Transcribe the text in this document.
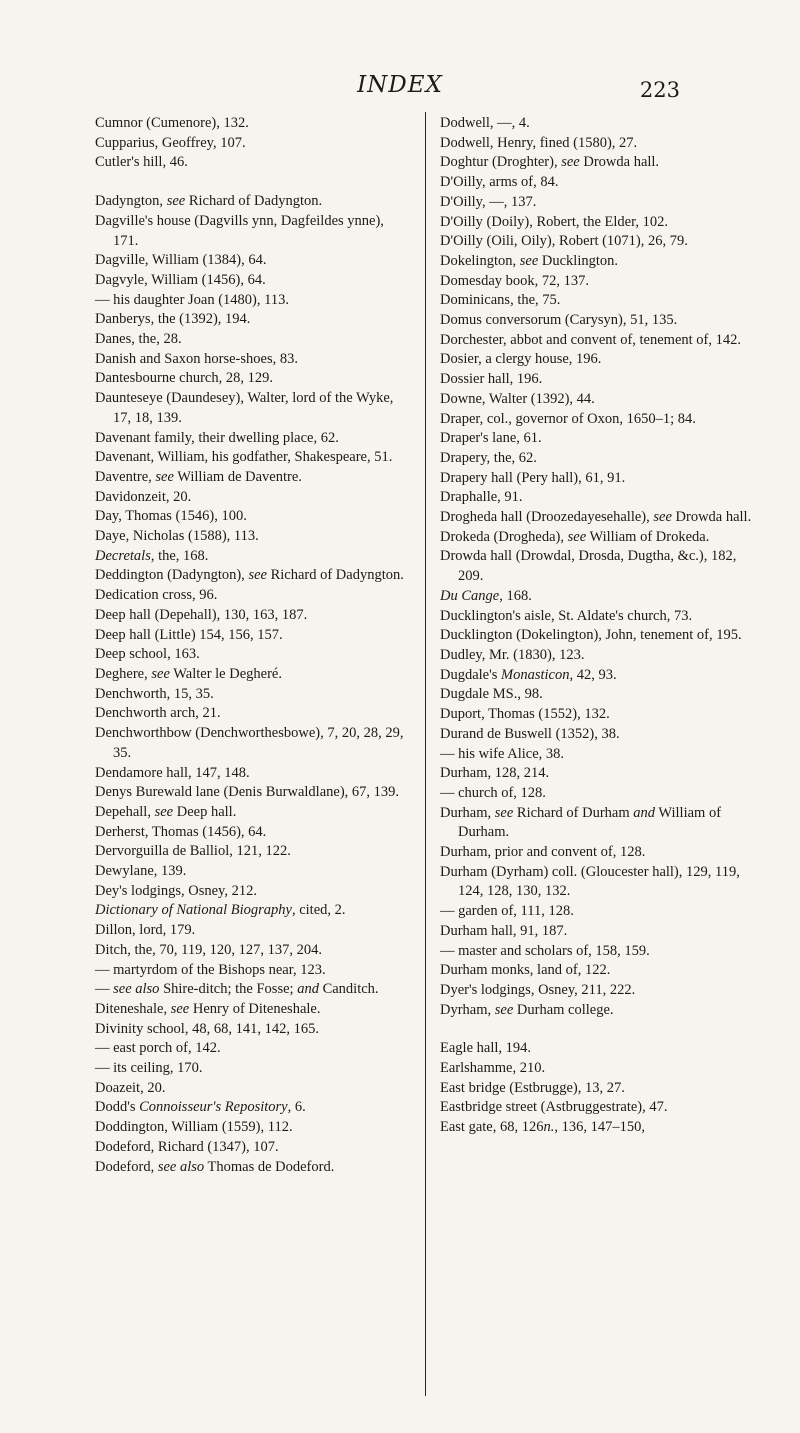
INDEX	223

Cumnor (Cumenore), 132.

Cupparius, Geoffrey, 107.

Cutler's hill, 46.

Dadyngton, see Richard of Dadyngton.

Dagville's house (Dagvills ynn, Dagfeildes ynne), 171.

Dagville, William (1384), 64.

Dagvyle, William (1456), 64.

— his daughter Joan (1480), 113.

Danberys, the (1392), 194.

Danes, the, 28.

Danish and Saxon horse-shoes, 83.

Dantesbourne church, 28, 129.

Daunteseye (Daundesey), Walter, lord of the Wyke, 17, 18, 139.

Davenant family, their dwelling place, 62.

Davenant, William, his godfather, Shakespeare, 51.

Daventre, see William de Daventre.

Davidonzeit, 20.

Day, Thomas (1546), 100.

Daye, Nicholas (1588), 113.

Decretals, the, 168.

Deddington (Dadyngton), see Richard of Dadyngton.

Dedication cross, 96.

Deep hall (Depehall), 130, 163, 187.

Deep hall (Little) 154, 156, 157.

Deep school, 163.

Deghere, see Walter le Degheré.

Denchworth, 15, 35.

Denchworth arch, 21.

Denchworthbow (Denchworthesbowe), 7, 20, 28, 29, 35.

Dendamore hall, 147, 148.

Denys Burewald lane (Denis Burwaldlane), 67, 139.

Depehall, see Deep hall.

Derherst, Thomas (1456), 64.

Dervorguilla de Balliol, 121, 122.

Dewylane, 139.

Dey's lodgings, Osney, 212.

Dictionary of National Biography, cited, 2.

Dillon, lord, 179.

Ditch, the, 70, 119, 120, 127, 137, 204.

— martyrdom of the Bishops near, 123.

— see also Shire-ditch; the Fosse; and Canditch.

Diteneshale, see Henry of Diteneshale.

Divinity school, 48, 68, 141, 142, 165.

— east porch of, 142.

— its ceiling, 170.

Doazeit, 20.

Dodd's Connoisseur's Repository, 6.

Doddington, William (1559), 112.

Dodeford, Richard (1347), 107.

Dodeford, see also Thomas de Dodeford.

Dodwell, —, 4.

Dodwell, Henry, fined (1580), 27.

Doghtur (Droghter), see Drowda hall.

D'Oilly, arms of, 84.

D'Oilly, —, 137.

D'Oilly (Doily), Robert, the Elder, 102.

D'Oilly (Oili, Oily), Robert (1071), 26, 79.

Dokelington, see Ducklington.

Domesday book, 72, 137.

Dominicans, the, 75.

Domus conversorum (Carysyn), 51, 135.

Dorchester, abbot and convent of, tenement of, 142.

Dosier, a clergy house, 196.

Dossier hall, 196.

Downe, Walter (1392), 44.

Draper, col., governor of Oxon, 1650–1; 84.

Draper's lane, 61.

Drapery, the, 62.

Drapery hall (Pery hall), 61, 91.

Draphalle, 91.

Drogheda hall (Droozedayesehalle), see Drowda hall.

Drokeda (Drogheda), see William of Drokeda.

Drowda hall (Drowdal, Drosda, Dugtha, &c.), 182, 209.

Du Cange, 168.

Ducklington's aisle, St. Aldate's church, 73.

Ducklington (Dokelington), John, tenement of, 195.

Dudley, Mr. (1830), 123.

Dugdale's Monasticon, 42, 93.

Dugdale MS., 98.

Duport, Thomas (1552), 132.

Durand de Buswell (1352), 38.

— his wife Alice, 38.

Durham, 128, 214.

— church of, 128.

Durham, see Richard of Durham and William of Durham.

Durham, prior and convent of, 128.

Durham (Dyrham) coll. (Gloucester hall), 129, 119, 124, 128, 130, 132.

— garden of, 111, 128.

Durham hall, 91, 187.

— master and scholars of, 158, 159.

Durham monks, land of, 122.

Dyer's lodgings, Osney, 211, 222.

Dyrham, see Durham college.

Eagle hall, 194.

Earlshamme, 210.

East bridge (Estbrugge), 13, 27.

Eastbridge street (Astbruggestrate), 47.

East gate, 68, 126n., 136, 147–150,
